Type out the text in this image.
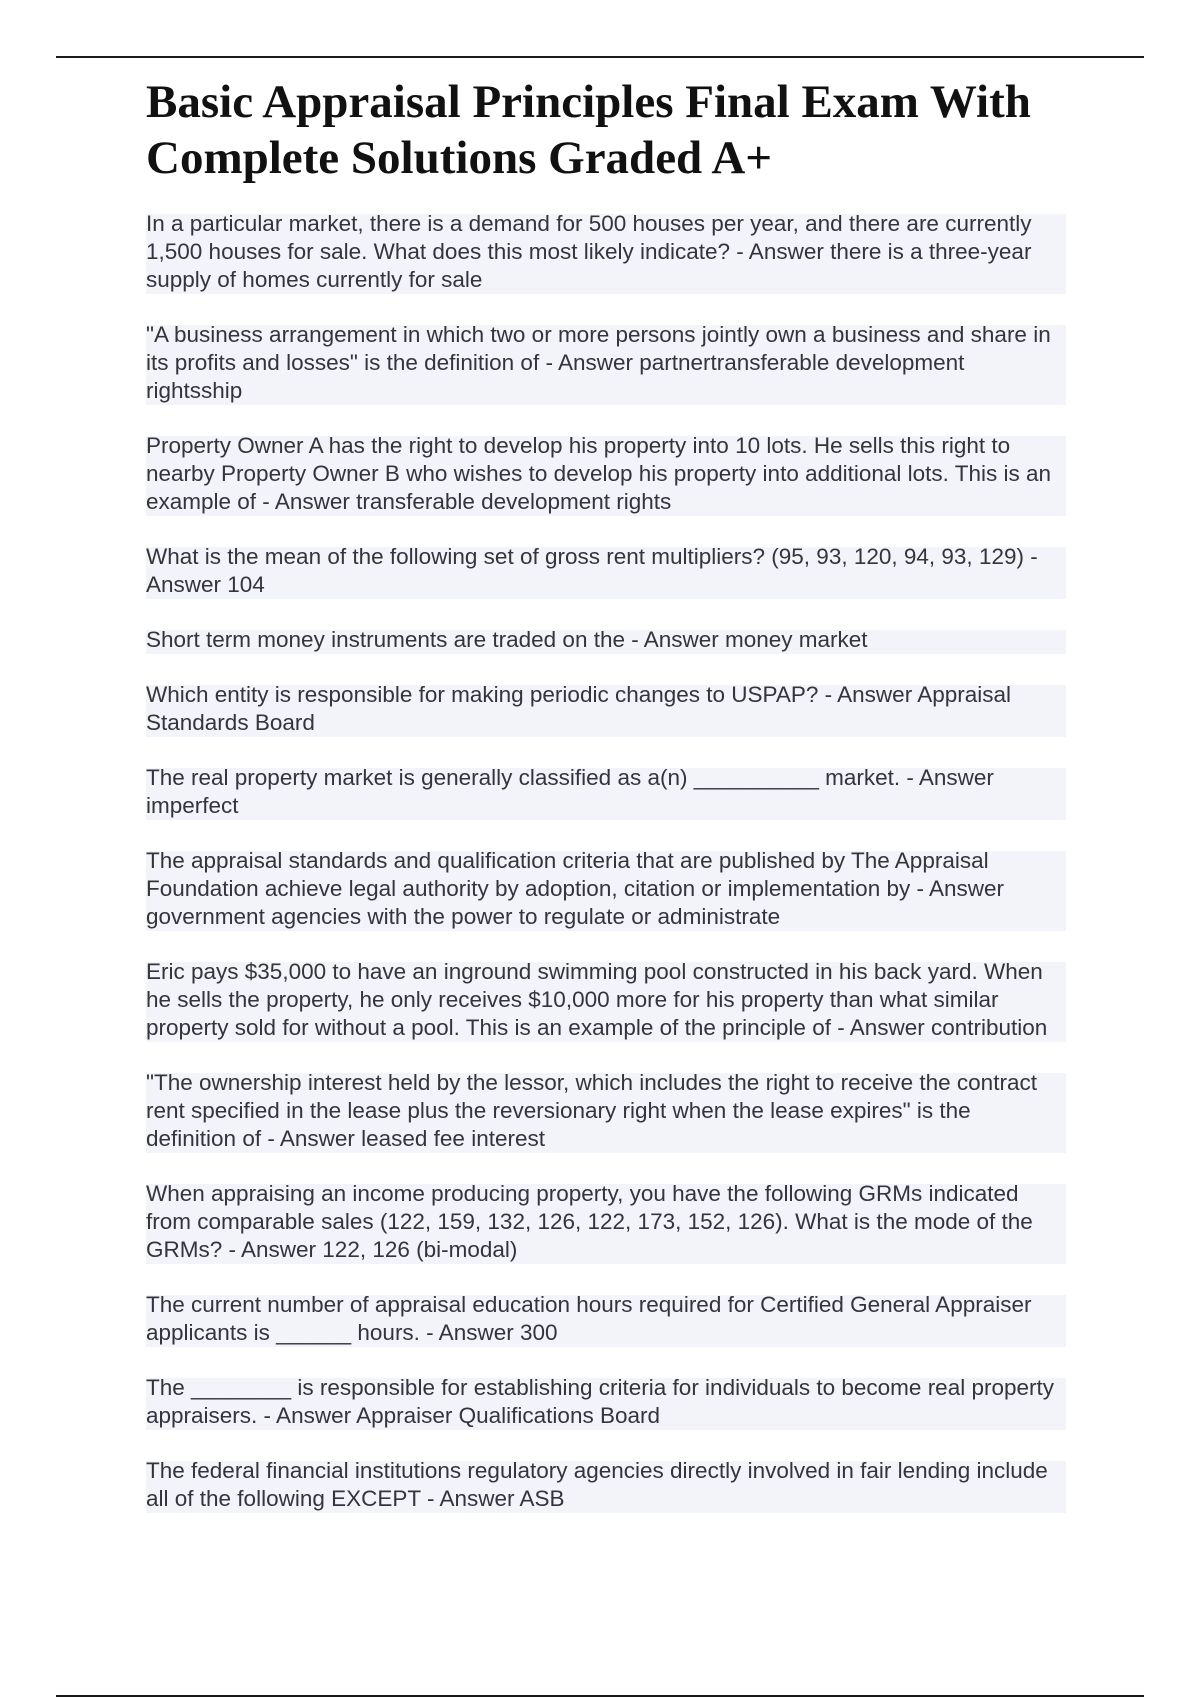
Basic Appraisal Principles Final Exam With Complete Solutions Graded A+

In a particular market, there is a demand for 500 houses per year, and there are currently 1,500 houses for sale. What does this most likely indicate? - Answer there is a three-year supply of homes currently for sale

"A business arrangement in which two or more persons jointly own a business and share in its profits and losses" is the definition of - Answer partnertransferable development rightsship

Property Owner A has the right to develop his property into 10 lots. He sells this right to nearby Property Owner B who wishes to develop his property into additional lots. This is an example of - Answer transferable development rights

What is the mean of the following set of gross rent multipliers? (95, 93, 120, 94, 93, 129) - Answer 104

Short term money instruments are traded on the - Answer money market

Which entity is responsible for making periodic changes to USPAP? - Answer Appraisal Standards Board

The real property market is generally classified as a(n) __________ market. - Answer imperfect

The appraisal standards and qualification criteria that are published by The Appraisal Foundation achieve legal authority by adoption, citation or implementation by - Answer government agencies with the power to regulate or administrate

Eric pays $35,000 to have an inground swimming pool constructed in his back yard. When he sells the property, he only receives $10,000 more for his property than what similar property sold for without a pool. This is an example of the principle of - Answer contribution

"The ownership interest held by the lessor, which includes the right to receive the contract rent specified in the lease plus the reversionary right when the lease expires" is the definition of - Answer leased fee interest

When appraising an income producing property, you have the following GRMs indicated from comparable sales (122, 159, 132, 126, 122, 173, 152, 126). What is the mode of the GRMs? - Answer 122, 126 (bi-modal)

The current number of appraisal education hours required for Certified General Appraiser applicants is ______ hours. - Answer 300

The ________ is responsible for establishing criteria for individuals to become real property appraisers. - Answer Appraiser Qualifications Board

The federal financial institutions regulatory agencies directly involved in fair lending include all of the following EXCEPT - Answer ASB
